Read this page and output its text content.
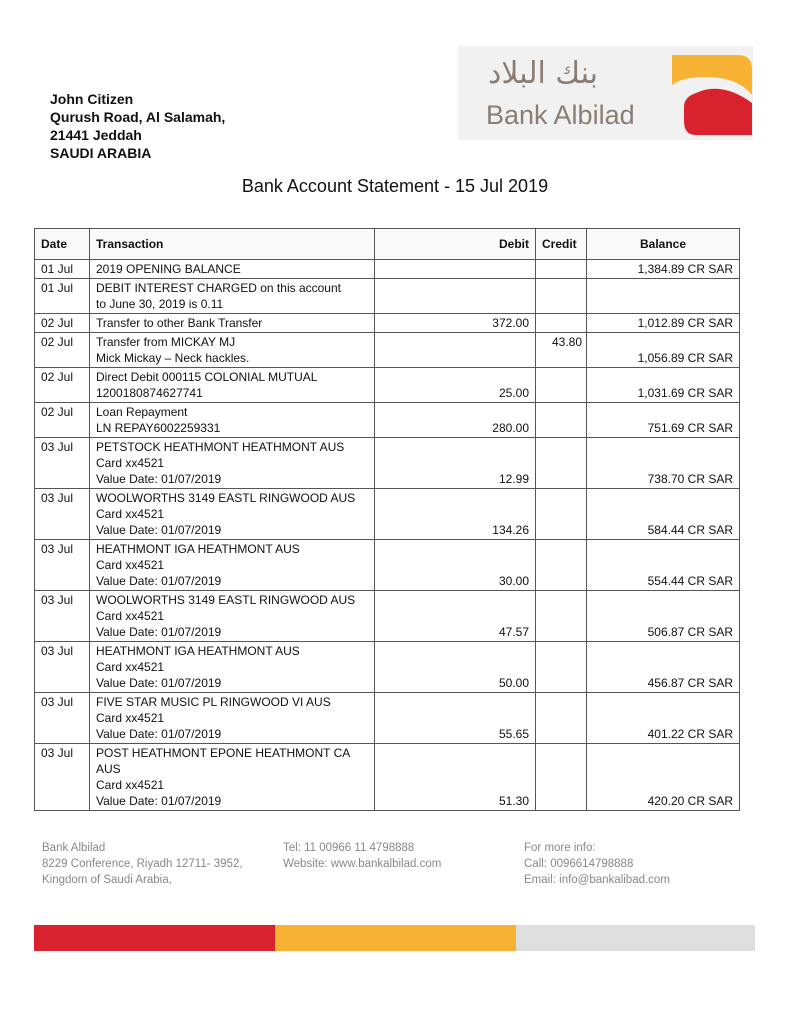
John Citizen
Qurush Road, Al Salamah,
21441 Jeddah
SAUDI ARABIA
بنك البلاد
Bank Albilad
Bank Account Statement - 15 Jul 2019
Date	Transaction	Debit	Credit	Balance
01 Jul	2019 OPENING BALANCE			1,384.89 CR SAR
01 Jul	DEBIT INTEREST CHARGED on this account
to June 30, 2019 is 0.11			

02 Jul	Transfer to other Bank Transfer	372.00		1,012.89 CR SAR
02 Jul	Transfer from MICKAY MJ
Mick Mickay – Neck hackles.		43.80	1,056.89 CR SAR
02 Jul	Direct Debit 000115 COLONIAL MUTUAL
1200180874627741	25.00		1,031.69 CR SAR
02 Jul	Loan Repayment
LN REPAY6002259331	280.00		751.69 CR SAR
03 Jul	PETSTOCK HEATHMONT HEATHMONT AUS
Card xx4521
Value Date: 01/07/2019	12.99		738.70 CR SAR
03 Jul	WOOLWORTHS 3149 EASTL RINGWOOD AUS
Card xx4521
Value Date: 01/07/2019	134.26		584.44 CR SAR
03 Jul	HEATHMONT IGA HEATHMONT AUS
Card xx4521
Value Date: 01/07/2019	30.00		554.44 CR SAR
03 Jul	WOOLWORTHS 3149 EASTL RINGWOOD AUS
Card xx4521
Value Date: 01/07/2019	47.57		506.87 CR SAR
03 Jul	HEATHMONT IGA HEATHMONT AUS
Card xx4521
Value Date: 01/07/2019	50.00		456.87 CR SAR
03 Jul	FIVE STAR MUSIC PL RINGWOOD VI AUS
Card xx4521
Value Date: 01/07/2019	55.65		401.22 CR SAR
03 Jul	POST HEATHMONT EPONE HEATHMONT CA
AUS
Card xx4521
Value Date: 01/07/2019	51.30		420.20 CR SAR
Bank Albilad
8229 Conference, Riyadh 12711- 3952,
Kingdom of Saudi Arabia,
Tel: 11 00966 11 4798888
Website: www.bankalbilad.com
For more info:
Call: 0096614798888
Email: info@bankalibad.com
